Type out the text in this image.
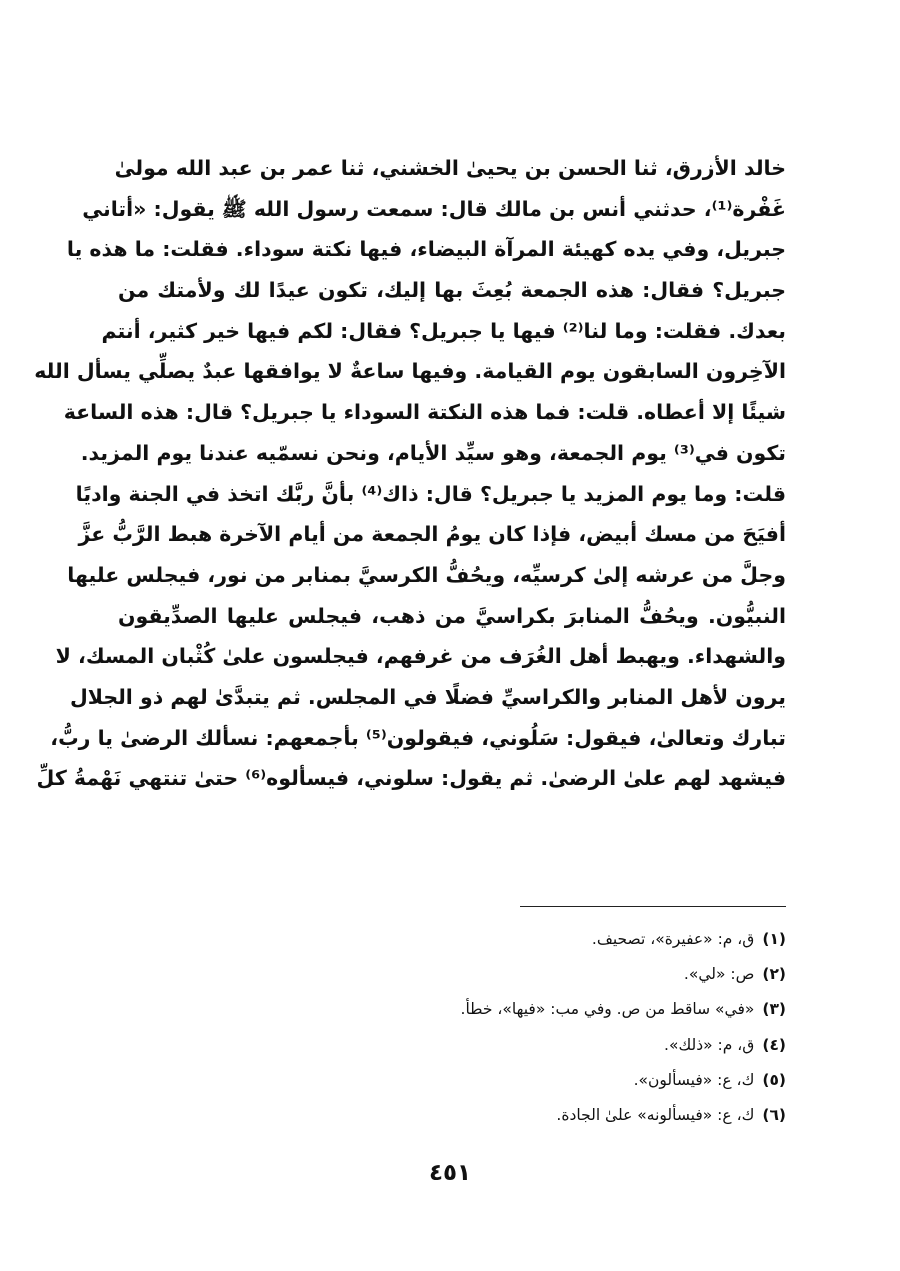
خالد الأزرق، ثنا الحسن بن يحيىٰ الخشني، ثنا عمر بن عبد الله مولىٰ
غَفْرة⁽¹⁾، حدثني أنس بن مالك قال: سمعت رسول الله ﷺ يقول: «أتاني
جبريل، وفي يده كهيئة المرآة البيضاء، فيها نكتة سوداء. فقلت: ما هذه يا
جبريل؟ فقال: هذه الجمعة بُعِثَ بها إليك، تكون عيدًا لك ولأمتك من
بعدك. فقلت: وما لنا⁽²⁾ فيها يا جبريل؟ فقال: لكم فيها خير كثير، أنتم
الآخِرون السابقون يوم القيامة. وفيها ساعةٌ لا يوافقها عبدٌ يصلِّي يسأل الله
شيئًا إلا أعطاه. قلت: فما هذه النكتة السوداء يا جبريل؟ قال: هذه الساعة
تكون في⁽³⁾ يوم الجمعة، وهو سيِّد الأيام، ونحن نسمّيه عندنا يوم المزيد.
قلت: وما يوم المزيد يا جبريل؟ قال: ذاك⁽⁴⁾ بأنَّ ربَّك اتخذ في الجنة واديًا
أفيَحَ من مسك أبيض، فإذا كان يومُ الجمعة من أيام الآخرة هبط الرَّبُّ عزَّ
وجلَّ من عرشه إلىٰ كرسيِّه، ويحُفُّ الكرسيَّ بمنابر من نور، فيجلس عليها
النبيُّون. ويحُفُّ المنابرَ بكراسيَّ من ذهب، فيجلس عليها الصدِّيقون
والشهداء. ويهبط أهل الغُرَف من غرفهم، فيجلسون علىٰ كُثْبان المسك، لا
يرون لأهل المنابر والكراسيِّ فضلًا في المجلس. ثم يتبدَّىٰ لهم ذو الجلال
تبارك وتعالىٰ، فيقول: سَلُوني، فيقولون⁽⁵⁾ بأجمعهم: نسألك الرضىٰ يا ربُّ،
فيشهد لهم علىٰ الرضىٰ. ثم يقول: سلوني، فيسألوه⁽⁶⁾ حتىٰ تنتهي نَهْمةُ كلِّ
(١)ق، م: «عفيرة»، تصحيف.
(٢)ص: «لي».
(٣)«في» ساقط من ص. وفي مب: «فيها»، خطأ.
(٤)ق، م: «ذلك».
(٥)ك، ع: «فيسألون».
(٦)ك، ع: «فيسألونه» علىٰ الجادة.
٤٥١
